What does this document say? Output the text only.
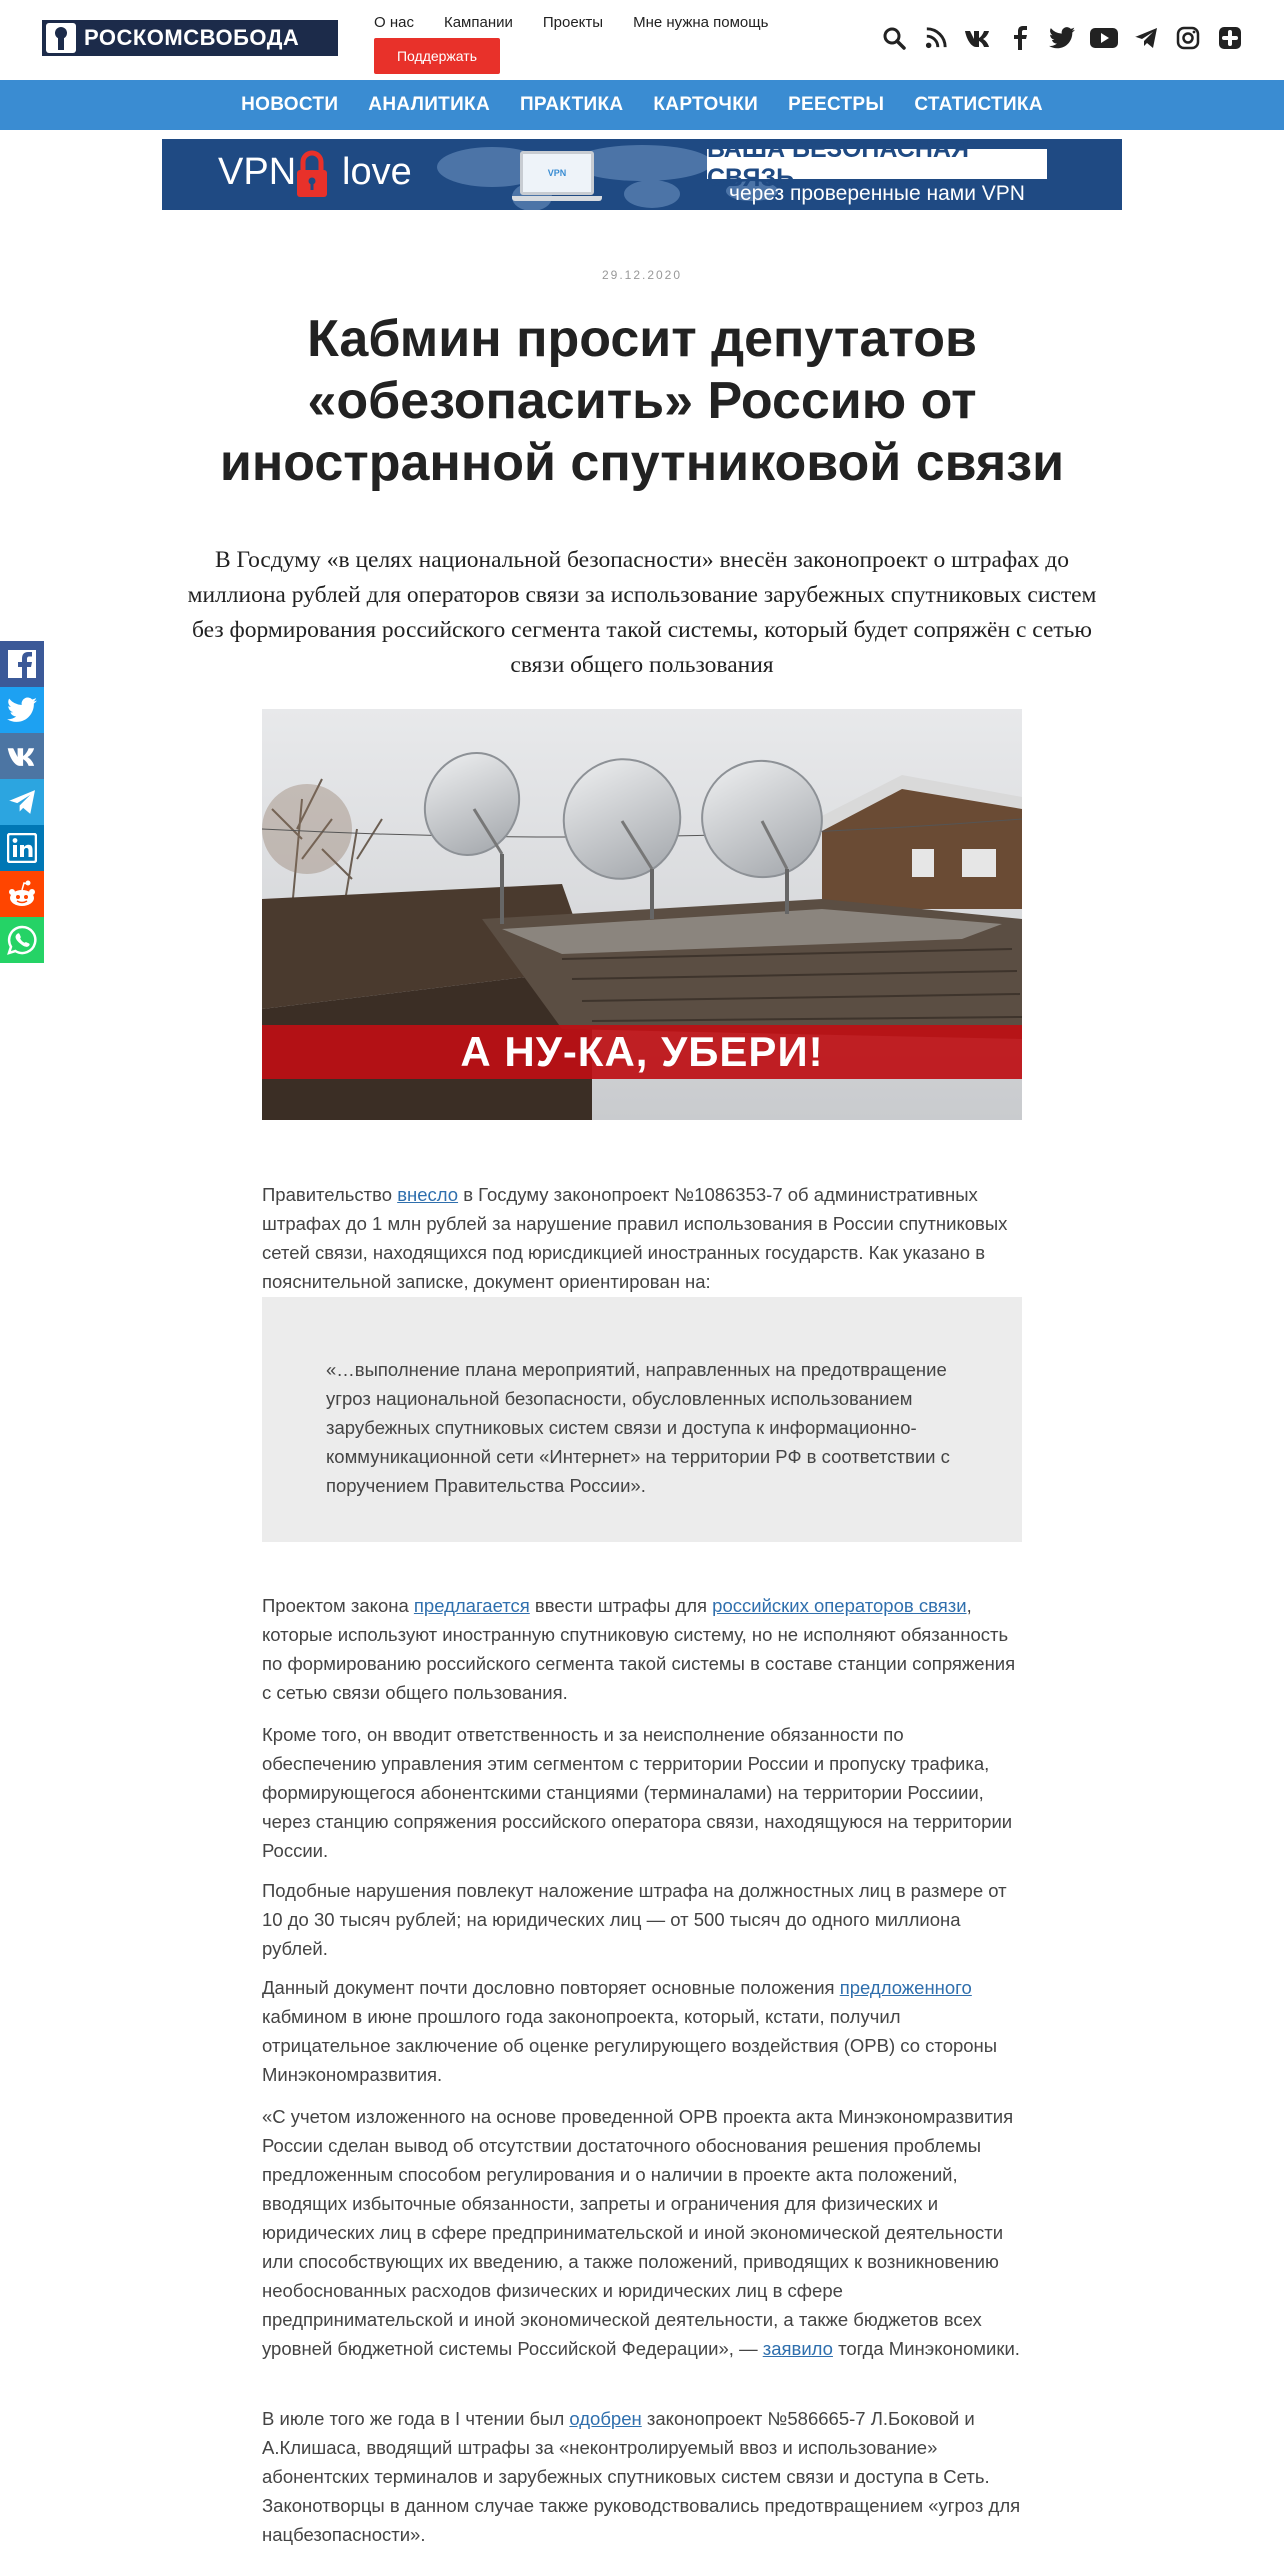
РОСКОМСВОБОДА
О нас Кампании Проекты Мне нужна помощь
Поддержать
НОВОСТИ АНАЛИТИКА ПРАКТИКА КАРТОЧКИ РЕЕСТРЫ СТАТИСТИКА
VPN love	VPN
ВАША БЕЗОПАСНАЯ СВЯЗЬ
через проверенные нами VPN
29.12.2020
Кабмин просит депутатов «обезопасить» Россию от иностранной спутниковой связи

В Госдуму «в целях национальной безопасности» внесён законопроект о штрафах до миллиона рублей для операторов связи за использование зарубежных спутниковых систем без формирования российского сегмента такой системы, который будет сопряжён с сетью связи общего пользования

А НУ-КА, УБЕРИ!

Правительство внесло в Госдуму законопроект №1086353-7 об административных штрафах до 1 млн рублей за нарушение правил использования в России спутниковых сетей связи, находящихся под юрисдикцией иностранных государств. Как указано в пояснительной записке, документ ориентирован на:

«…выполнение плана мероприятий, направленных на предотвращение угроз национальной безопасности, обусловленных использованием зарубежных спутниковых систем связи и доступа к информационно-коммуникационной сети «Интернет» на территории РФ в соответствии с поручением Правительства России».

Проектом закона предлагается ввести штрафы для российских операторов связи, которые используют иностранную спутниковую систему, но не исполняют обязанность по формированию российского сегмента такой системы в составе станции сопряжения с сетью связи общего пользования.

Кроме того, он вводит ответственность и за неисполнение обязанности по обеспечению управления этим сегментом с территории России и пропуску трафика, формирующегося абонентскими станциями (терминалами) на территории Россиии, через станцию сопряжения российского оператора связи, находящуюся на территории России.

Подобные нарушения повлекут наложение штрафа на должностных лиц в размере от 10 до 30 тысяч рублей; на юридических лиц — от 500 тысяч до одного миллиона рублей.

Данный документ почти дословно повторяет основные положения предложенного кабмином в июне прошлого года законопроекта, который, кстати, получил отрицательное заключение об оценке регулирующего воздействия (ОРВ) со стороны Минэкономразвития.

«С учетом изложенного на основе проведенной ОРВ проекта акта Минэкономразвития России сделан вывод об отсутствии достаточного обоснования решения проблемы предложенным способом регулирования и о наличии в проекте акта положений, вводящих избыточные обязанности, запреты и ограничения для физических и юридических лиц в сфере предпринимательской и иной экономической деятельности или способствующих их введению, а также положений, приводящих к возникновению необоснованных расходов физических и юридических лиц в сфере предпринимательской и иной экономической деятельности, а также бюджетов всех уровней бюджетной системы Российской Федерации», — заявило тогда Минэкономики.

В июле того же года в I чтении был одобрен законопроект №586665-7 Л.Боковой и А.Клишаса, вводящий штрафы за «неконтролируемый ввоз и использование» абонентских терминалов и зарубежных спутниковых систем связи и доступа в Сеть. Законотворцы в данном случае также руководствовались предотвращением «угроз для нацбезопасности».
